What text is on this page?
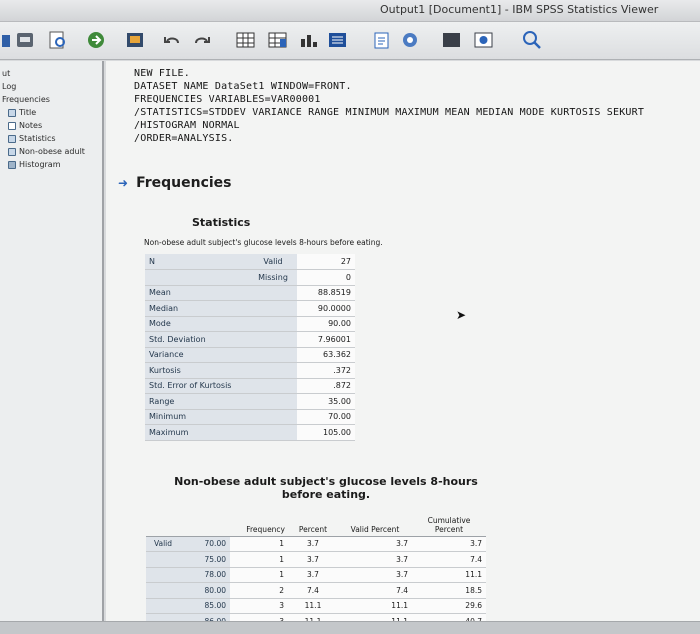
Output1 [Document1] - IBM SPSS Statistics Viewer
ut
Log
Frequencies
Title
Notes
Statistics
Non-obese adult
Histogram
NEW FILE.
DATASET NAME DataSet1 WINDOW=FRONT.
FREQUENCIES VARIABLES=VAR00001
/STATISTICS=STDDEV VARIANCE RANGE MINIMUM MAXIMUM MEAN MEDIAN MODE KURTOSIS SEKURT
/HISTOGRAM NORMAL
/ORDER=ANALYSIS.
➜ Frequencies
Statistics
Non-obese adult subject's glucose levels 8-hours before eating.
N	Valid	27
	Missing	0
Mean		88.8519
Median		90.0000
Mode		90.00
Std. Deviation		7.96001
Variance		63.362
Kurtosis		.372
Std. Error of Kurtosis		.872
Range		35.00
Minimum		70.00
Maximum		105.00
Non-obese adult subject's glucose levels 8-hours
before eating.
		Frequency	Percent	Valid Percent	Cumulative Percent
Valid	70.00	1	3.7	3.7	3.7
	75.00	1	3.7	3.7	7.4
	78.00	1	3.7	3.7	11.1
	80.00	2	7.4	7.4	18.5
	85.00	3	11.1	11.1	29.6

➤
